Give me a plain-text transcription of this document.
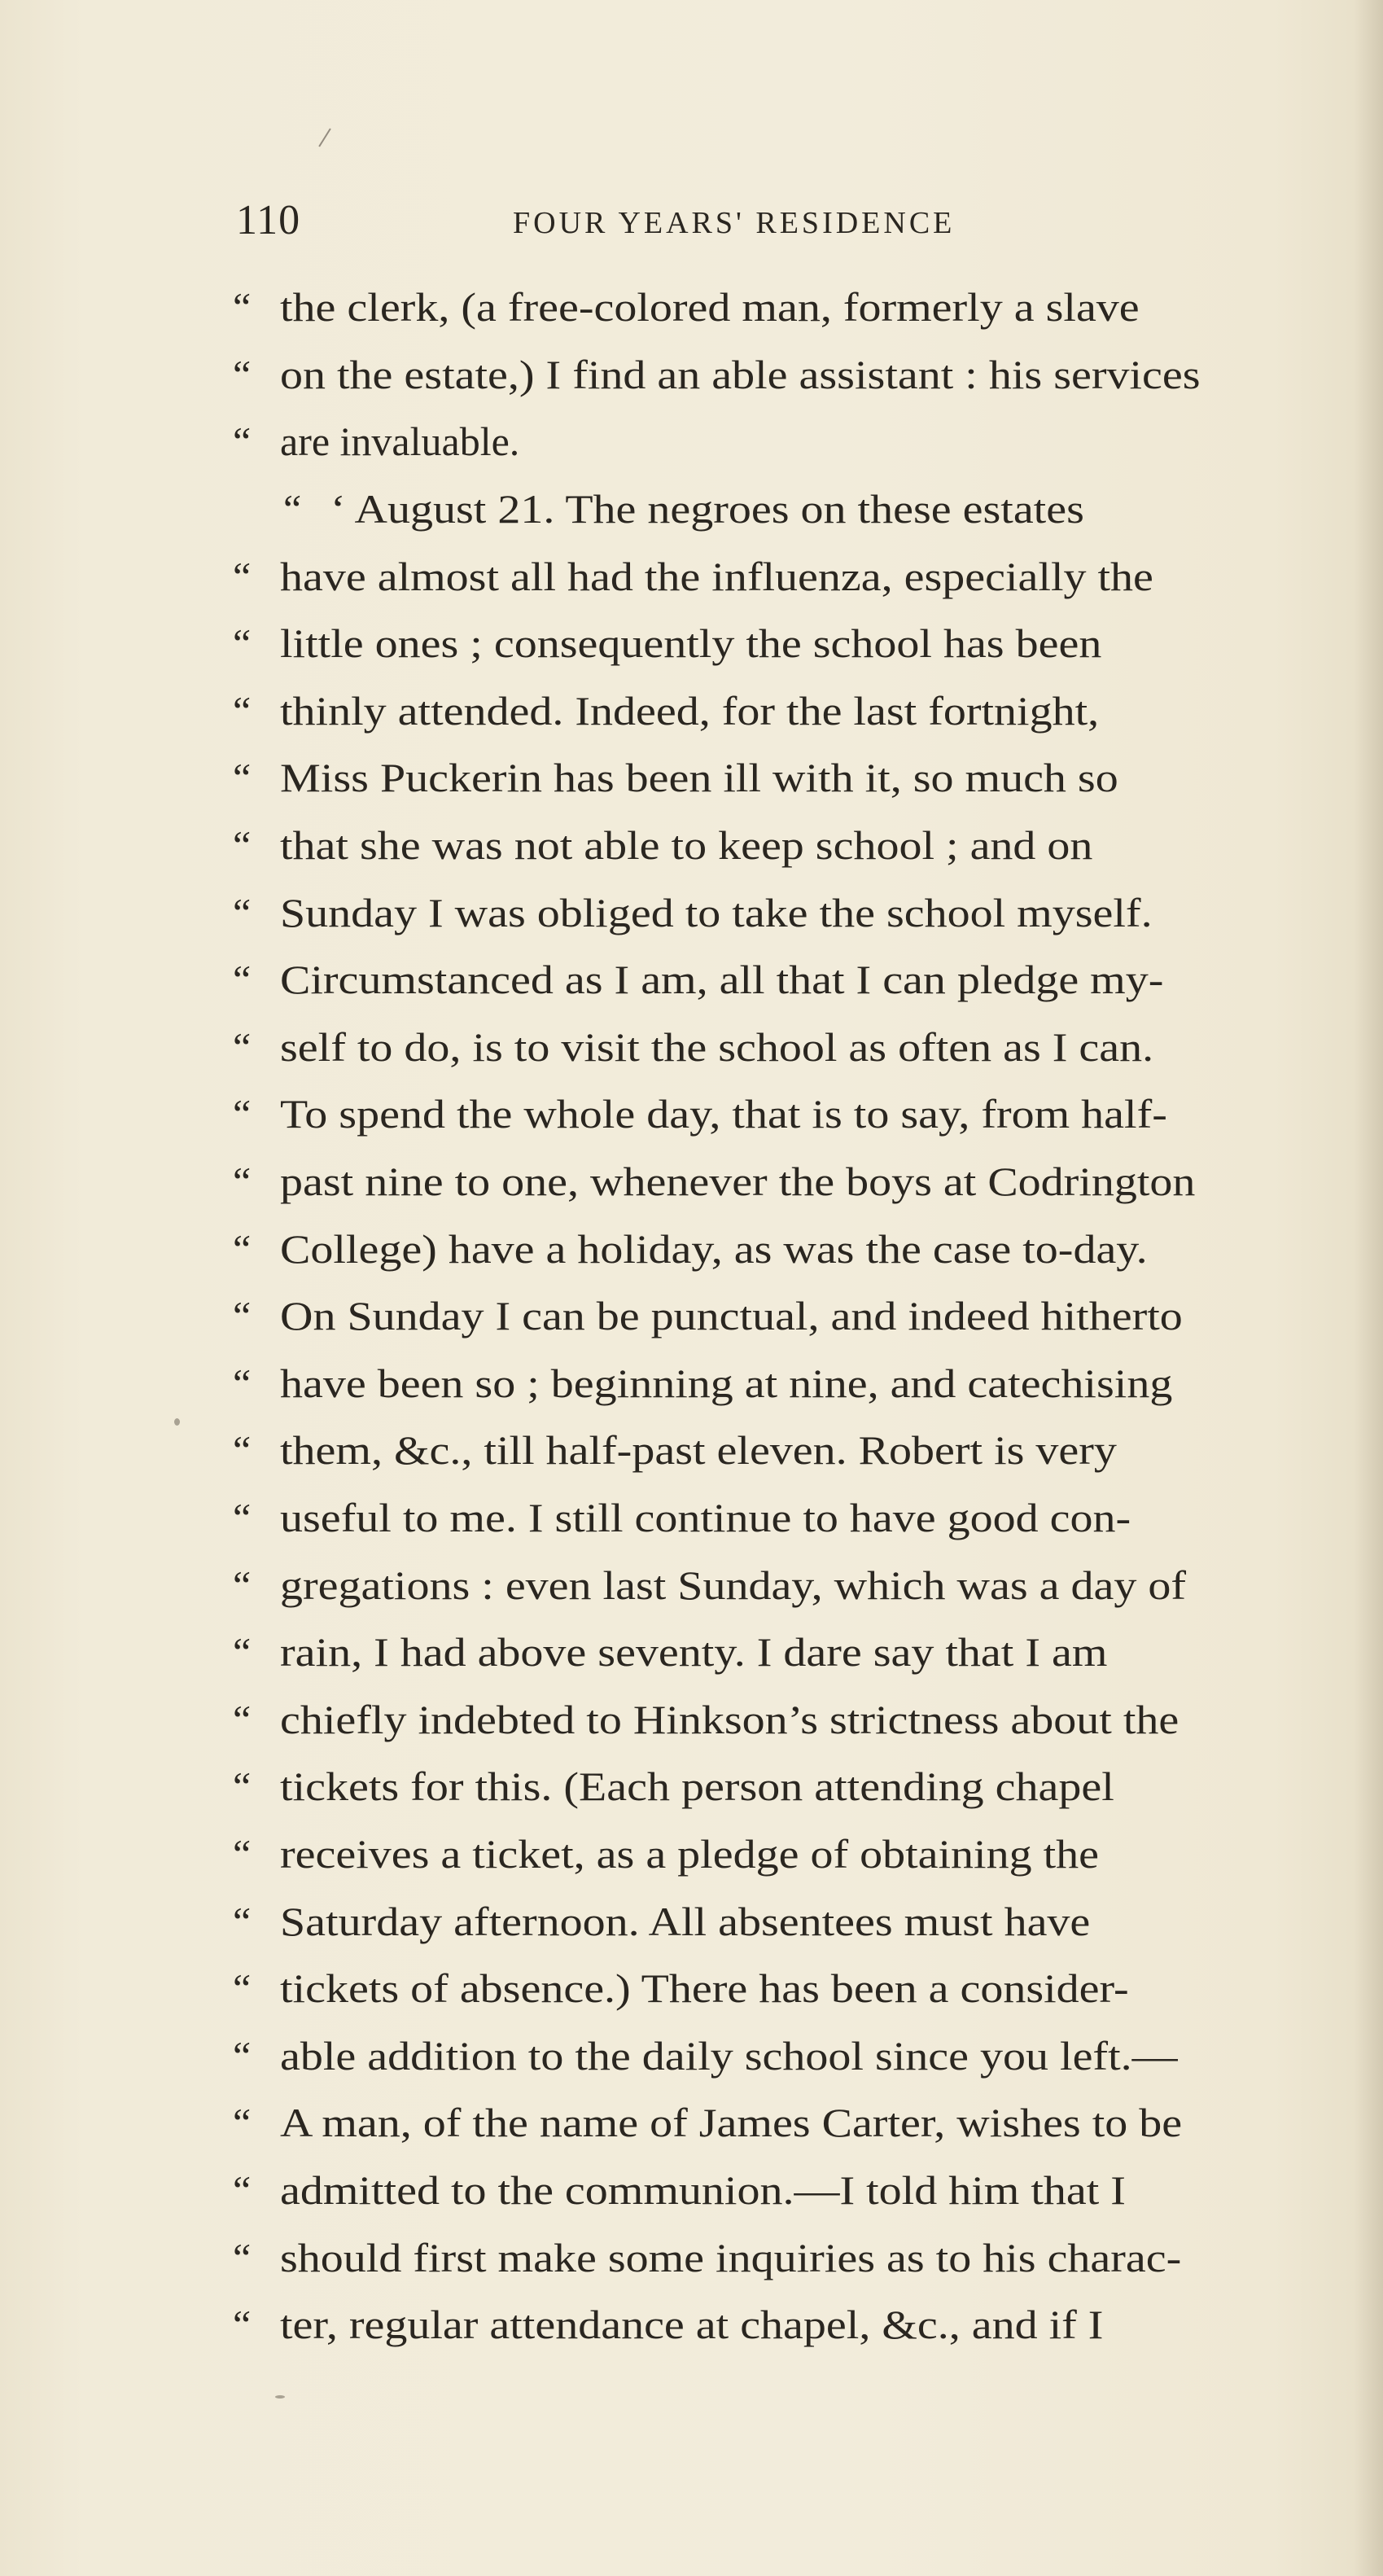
110	FOUR YEARS' RESIDENCE
“ the clerk, (a free-colored man, formerly a slave
“ on the estate,) I find an able assistant : his services
“ are invaluable.
“ ‘ August 21. The negroes on these estates
“ have almost all had the influenza, especially the
“ little ones ; consequently the school has been
“ thinly attended. Indeed, for the last fortnight,
“ Miss Puckerin has been ill with it, so much so
“ that she was not able to keep school ; and on
“ Sunday I was obliged to take the school myself.
“ Circumstanced as I am, all that I can pledge my-
“ self to do, is to visit the school as often as I can.
“ To spend the whole day, that is to say, from half-
“ past nine to one, whenever the boys at Codrington
“ College) have a holiday, as was the case to-day.
“ On Sunday I can be punctual, and indeed hitherto
“ have been so ; beginning at nine, and catechising
“ them, &c., till half-past eleven. Robert is very
“ useful to me. I still continue to have good con-
“ gregations : even last Sunday, which was a day of
“ rain, I had above seventy. I dare say that I am
“ chiefly indebted to Hinkson’s strictness about the
“ tickets for this. (Each person attending chapel
“ receives a ticket, as a pledge of obtaining the
“ Saturday afternoon. All absentees must have
“ tickets of absence.) There has been a consider-
“ able addition to the daily school since you left.—
“ A man, of the name of James Carter, wishes to be
“ admitted to the communion.—I told him that I
“ should first make some inquiries as to his charac-
“ ter, regular attendance at chapel, &c., and if I
